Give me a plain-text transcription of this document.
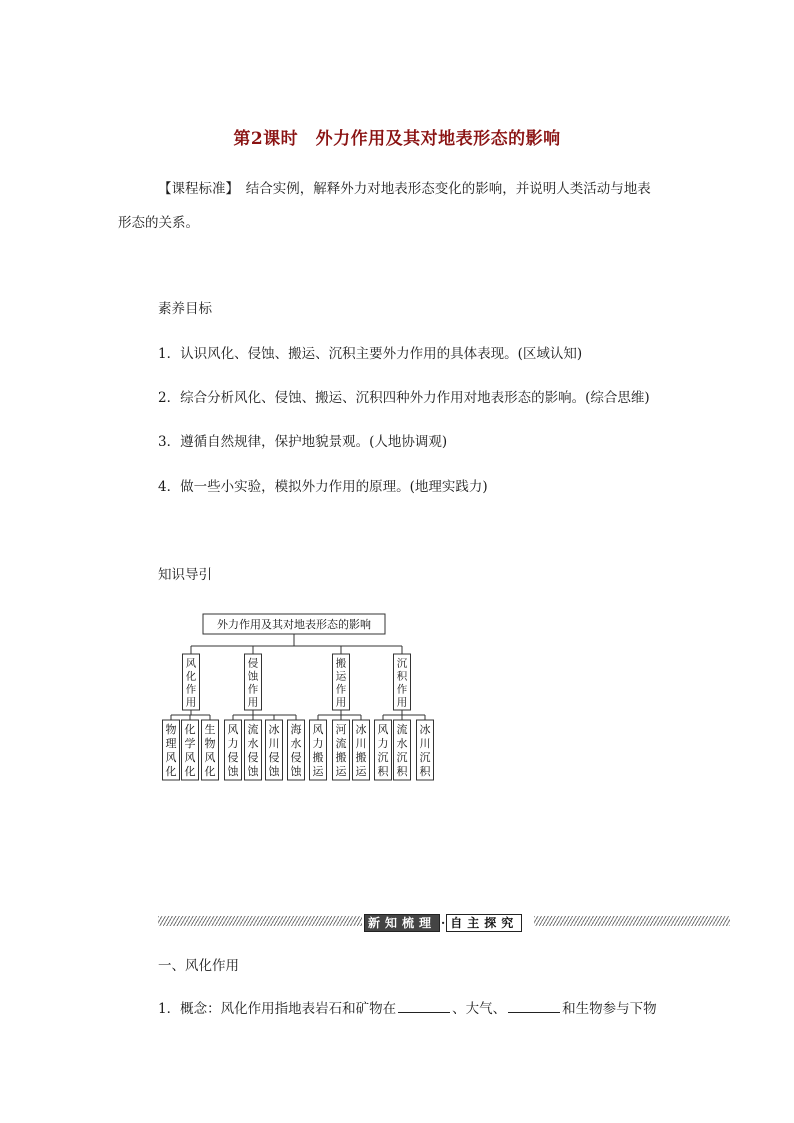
第2课时　外力作用及其对地表形态的影响
【课程标准】　结合实例，解释外力对地表形态变化的影响，并说明人类活动与地表
形态的关系。
素养目标
1．认识风化、侵蚀、搬运、沉积主要外力作用的具体表现。(区域认知)
2．综合分析风化、侵蚀、搬运、沉积四种外力作用对地表形态的影响。(综合思维)
3．遵循自然规律，保护地貌景观。(人地协调观)
4．做一些小实验，模拟外力作用的原理。(地理实践力)
知识导引
外力作用及其对地表形态的影响
风化作用
物理风化
化学风化
生物风化
侵蚀作用
风力侵蚀
流水侵蚀
冰川侵蚀
海水侵蚀
搬运作用
风力搬运
河流搬运
冰川搬运
沉积作用
风力沉积
流水沉积
冰川沉积
新知梳理 · 自主探究
一、风化作用
1．概念：风化作用指地表岩石和矿物在	、大气、	和生物参与下物
